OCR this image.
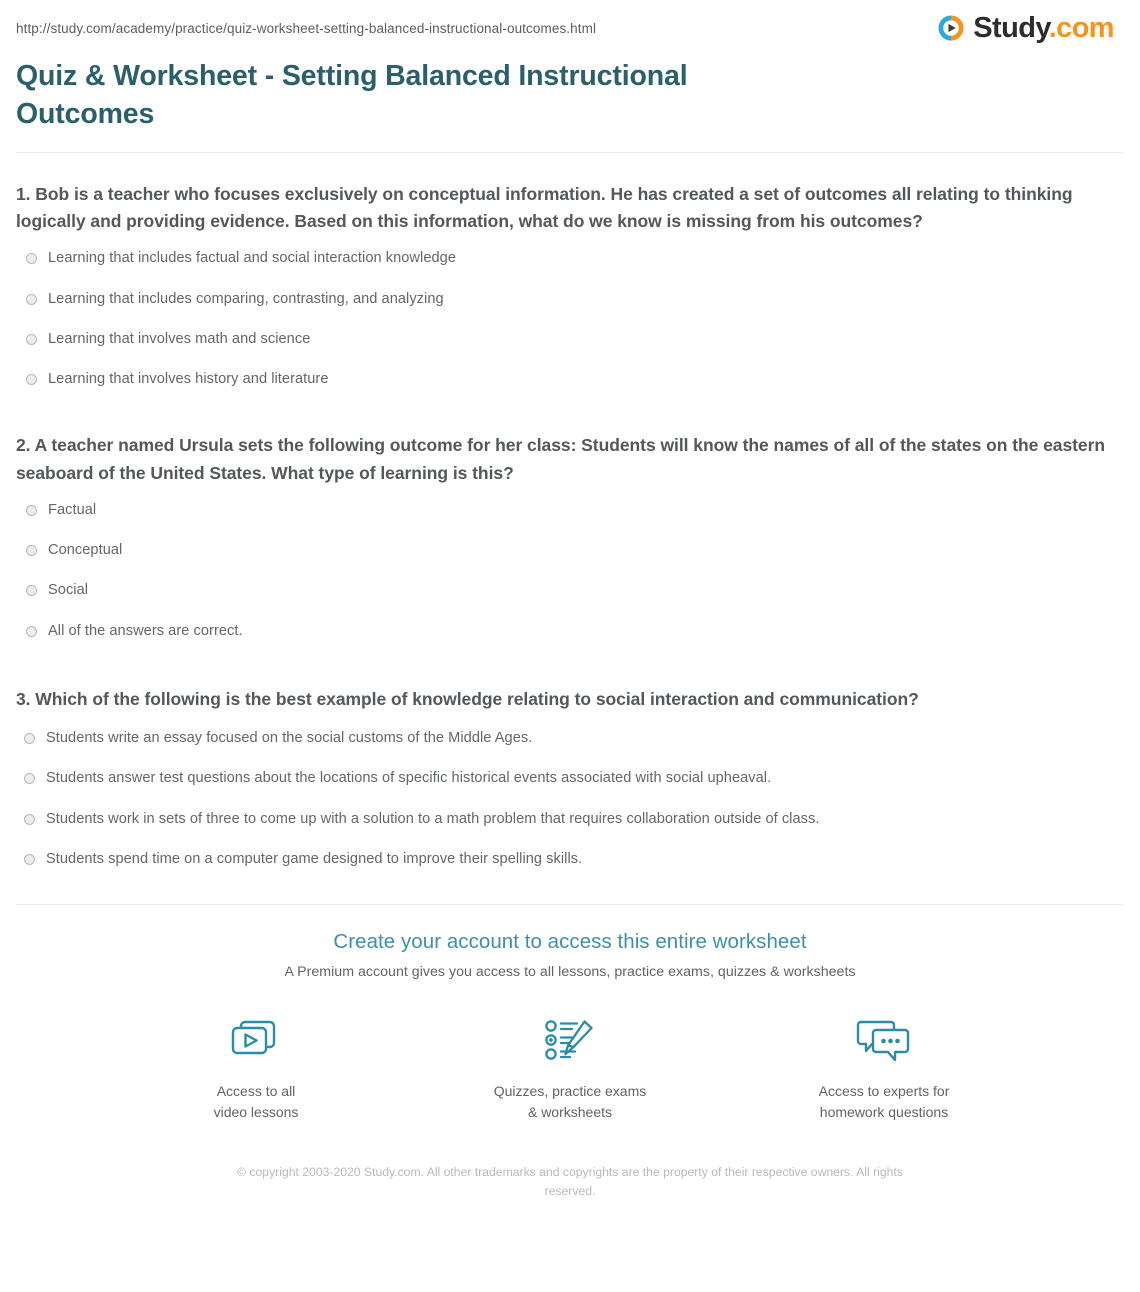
http://study.com/academy/practice/quiz-worksheet-setting-balanced-instructional-outcomes.html	Study.com
Quiz & Worksheet - Setting Balanced Instructional Outcomes

1. Bob is a teacher who focuses exclusively on conceptual information. He has created a set of outcomes all relating to thinking logically and providing evidence. Based on this information, what do we know is missing from his outcomes?

Learning that includes factual and social interaction knowledge
Learning that includes comparing, contrasting, and analyzing
Learning that involves math and science
Learning that involves history and literature

2. A teacher named Ursula sets the following outcome for her class: Students will know the names of all of the states on the eastern seaboard of the United States. What type of learning is this?

Factual
Conceptual
Social
All of the answers are correct.

3. Which of the following is the best example of knowledge relating to social interaction and communication?

Students write an essay focused on the social customs of the Middle Ages.
Students answer test questions about the locations of specific historical events associated with social upheaval.
Students work in sets of three to come up with a solution to a math problem that requires collaboration outside of class.
Students spend time on a computer game designed to improve their spelling skills.
Create your account to access this entire worksheet
A Premium account gives you access to all lessons, practice exams, quizzes & worksheets
Access to all
video lessons
Quizzes, practice exams
& worksheets
Access to experts for
homework questions
© copyright 2003-2020 Study.com. All other trademarks and copyrights are the property of their respective owners. All rights reserved.
